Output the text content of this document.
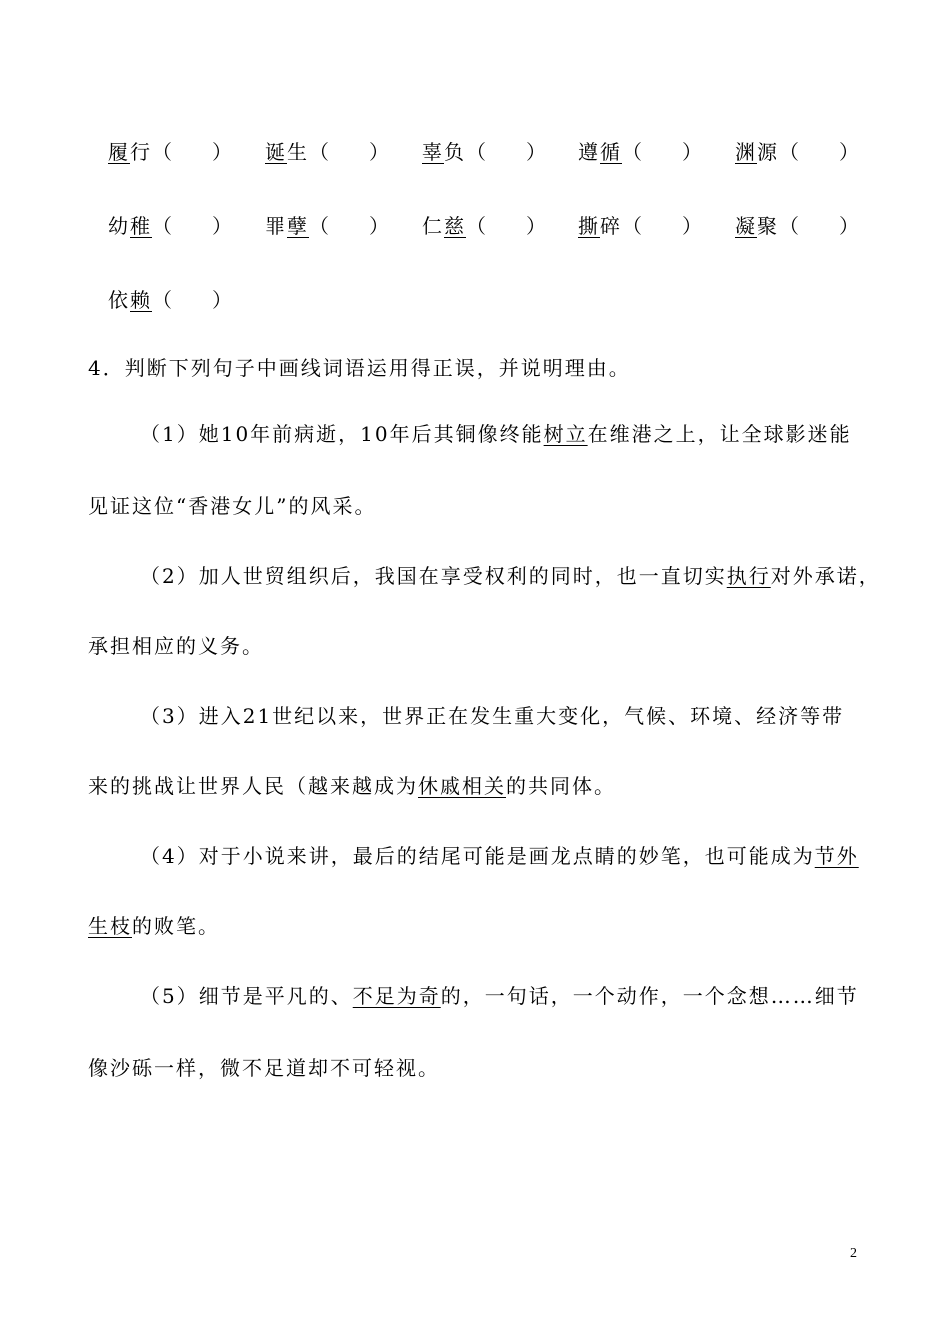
履行（　　） 诞生（　　） 辜负（　　） 遵循（　　） 渊源（　　）
幼稚（　　） 罪孽（　　） 仁慈（　　） 撕碎（　　） 凝聚（　　）
依赖（　　）
4．判断下列句子中画线词语运用得正误，并说明理由。
（1）她10年前病逝，10年后其铜像终能树立在维港之上，让全球影迷能
见证这位“香港女儿”的风采。
（2）加人世贸组织后，我国在享受权利的同时，也一直切实执行对外承诺，
承担相应的义务。
（3）进入21世纪以来，世界正在发生重大变化，气候、环境、经济等带
来的挑战让世界人民（越来越成为休戚相关的共同体。
（4）对于小说来讲，最后的结尾可能是画龙点睛的妙笔，也可能成为节外
生枝的败笔。
（5）细节是平凡的、不足为奇的，一句话，一个动作，一个念想……细节
像沙砾一样，微不足道却不可轻视。
2
